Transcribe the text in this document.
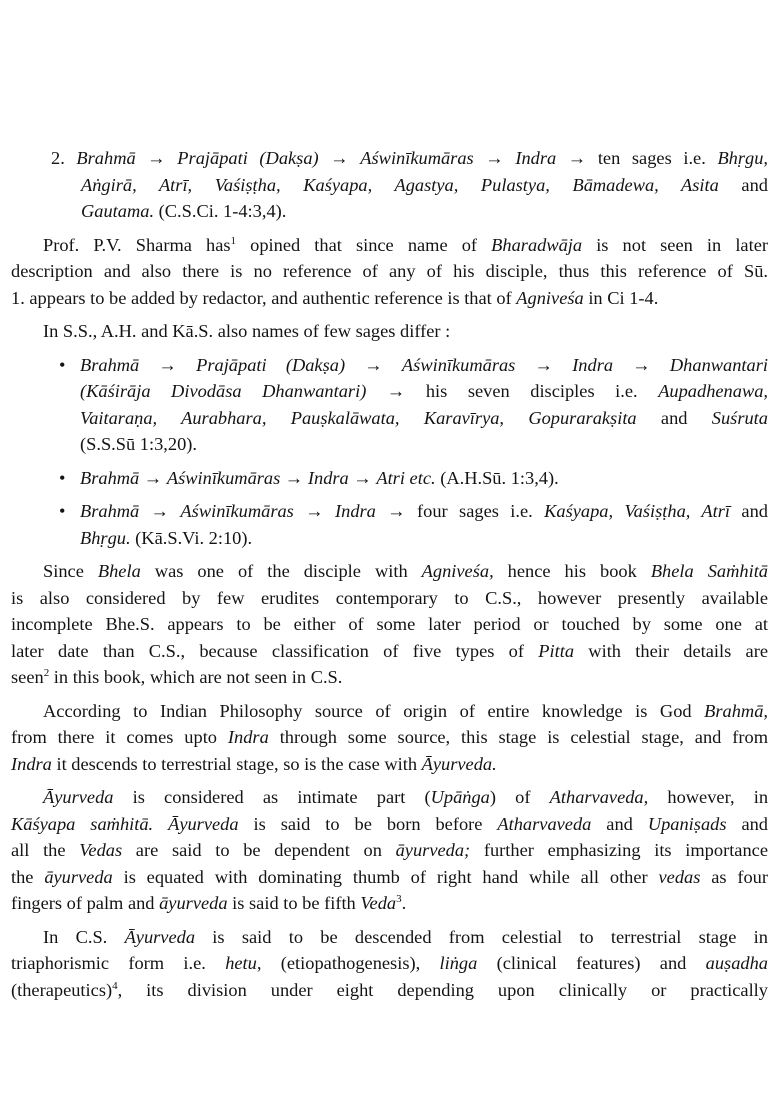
2. Brahmā → Prajāpati (Dakṣa) → Aświnīkumāras → Indra → ten sages i.e. Bhṛgu,
Aṅgirā, Atrī, Vaśiṣṭha, Kaśyapa, Agastya, Pulastya, Bāmadewa, Asita and
Gautama. (C.S.Ci. 1-4:3,4).
Prof. P.V. Sharma has$^1$ opined that since name of Bharadwāja is not seen in later
description and also there is no reference of any of his disciple, thus this reference of Sū.
1. appears to be added by redactor, and authentic reference is that of Agniveśa in Ci 1-4.
In S.S., A.H. and Kā.S. also names of few sages differ :
• Brahmā → Prajāpati (Dakṣa) → Aświnīkumāras → Indra → Dhanwantari
(Kāśirāja Divodāsa Dhanwantari) → his seven disciples i.e. Aupadhenawa,
Vaitaraṇa, Aurabhara, Pauṣkalāwata, Karavīrya, Gopurarakṣita and Suśruta
(S.S.Sū 1:3,20).
• Brahmā → Aświnīkumāras → Indra → Atri etc. (A.H.Sū. 1:3,4).
• Brahmā → Aświnīkumāras → Indra → four sages i.e. Kaśyapa, Vaśiṣṭha, Atrī and
Bhṛgu. (Kā.S.Vi. 2:10).
Since Bhela was one of the disciple with Agniveśa, hence his book Bhela Saṁhitā
is also considered by few erudites contemporary to C.S., however presently available
incomplete Bhe.S. appears to be either of some later period or touched by some one at
later date than C.S., because classification of five types of Pitta with their details are
seen$^2$ in this book, which are not seen in C.S.
According to Indian Philosophy source of origin of entire knowledge is God Brahmā,
from there it comes upto Indra through some source, this stage is celestial stage, and from
Indra it descends to terrestrial stage, so is the case with Āyurveda.
Āyurveda is considered as intimate part (Upāṅga) of Atharvaveda, however, in
Kāśyapa saṁhitā. Āyurveda is said to be born before Atharvaveda and Upaniṣads and
all the Vedas are said to be dependent on āyurveda; further emphasizing its importance
the āyurveda is equated with dominating thumb of right hand while all other vedas as four
fingers of palm and āyurveda is said to be fifth Veda$^3$.
In C.S. Āyurveda is said to be descended from celestial to terrestrial stage in
triaphorismic form i.e. hetu, (etiopathogenesis), liṅga (clinical features) and auṣadha
(therapeutics)$^4$, its division under eight depending upon clinically or practically
